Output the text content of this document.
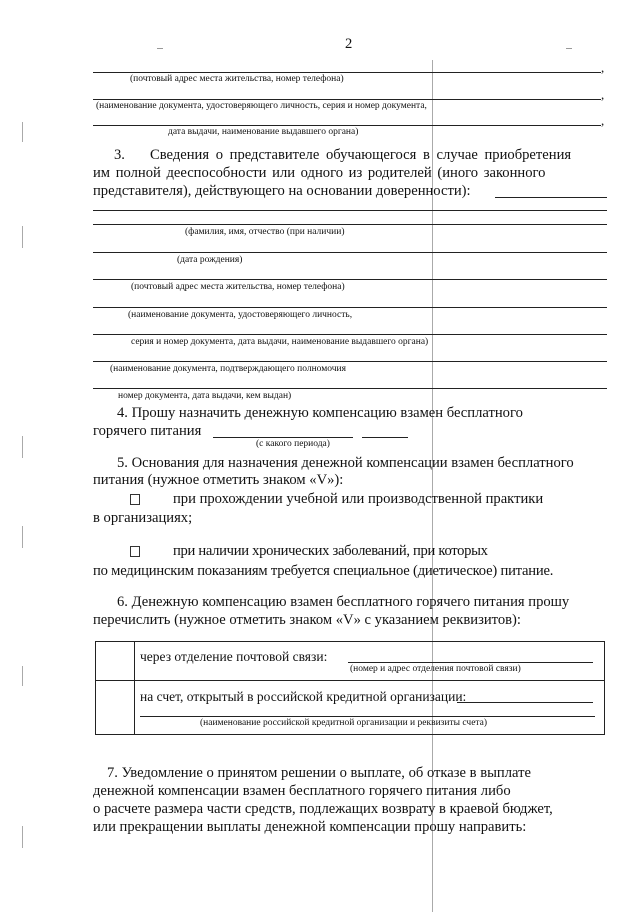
2
,
(почтовый адрес места жительства, номер телефона)
,
(наименование документа, удостоверяющего личность, серия и номер документа,
,
дата выдачи, наименование выдавшего органа)
3. Сведения о представителе обучающегося в случае приобретения
им полной дееспособности или одного из родителей (иного законного
представителя), действующего на основании доверенности):
(фамилия, имя, отчество (при наличии)
(дата рождения)
(почтовый адрес места жительства, номер телефона)
(наименование документа, удостоверяющего личность,
серия и номер документа, дата выдачи, наименование выдавшего органа)
(наименование документа, подтверждающего полномочия
номер документа, дата выдачи, кем выдан)
4. Прошу назначить денежную компенсацию взамен бесплатного
горячего питания
(с какого периода)
5. Основания для назначения денежной компенсации взамен бесплатного
питания (нужное отметить знаком «V»):
при прохождении учебной или производственной практики
в организациях;
при наличии хронических заболеваний, при которых
по медицинским показаниям требуется специальное (диетическое) питание.
6. Денежную компенсацию взамен бесплатного горячего питания прошу
перечислить (нужное отметить знаком «V» с указанием реквизитов):
через отделение почтовой связи:
(номер и адрес отделения почтовой связи)
на счет, открытый в российской кредитной организации:
(наименование российской кредитной организации и реквизиты счета)
7. Уведомление о принятом решении о выплате, об отказе в выплате
денежной компенсации взамен бесплатного горячего питания либо
о расчете размера части средств, подлежащих возврату в краевой бюджет,
или прекращении выплаты денежной компенсации прошу направить:
